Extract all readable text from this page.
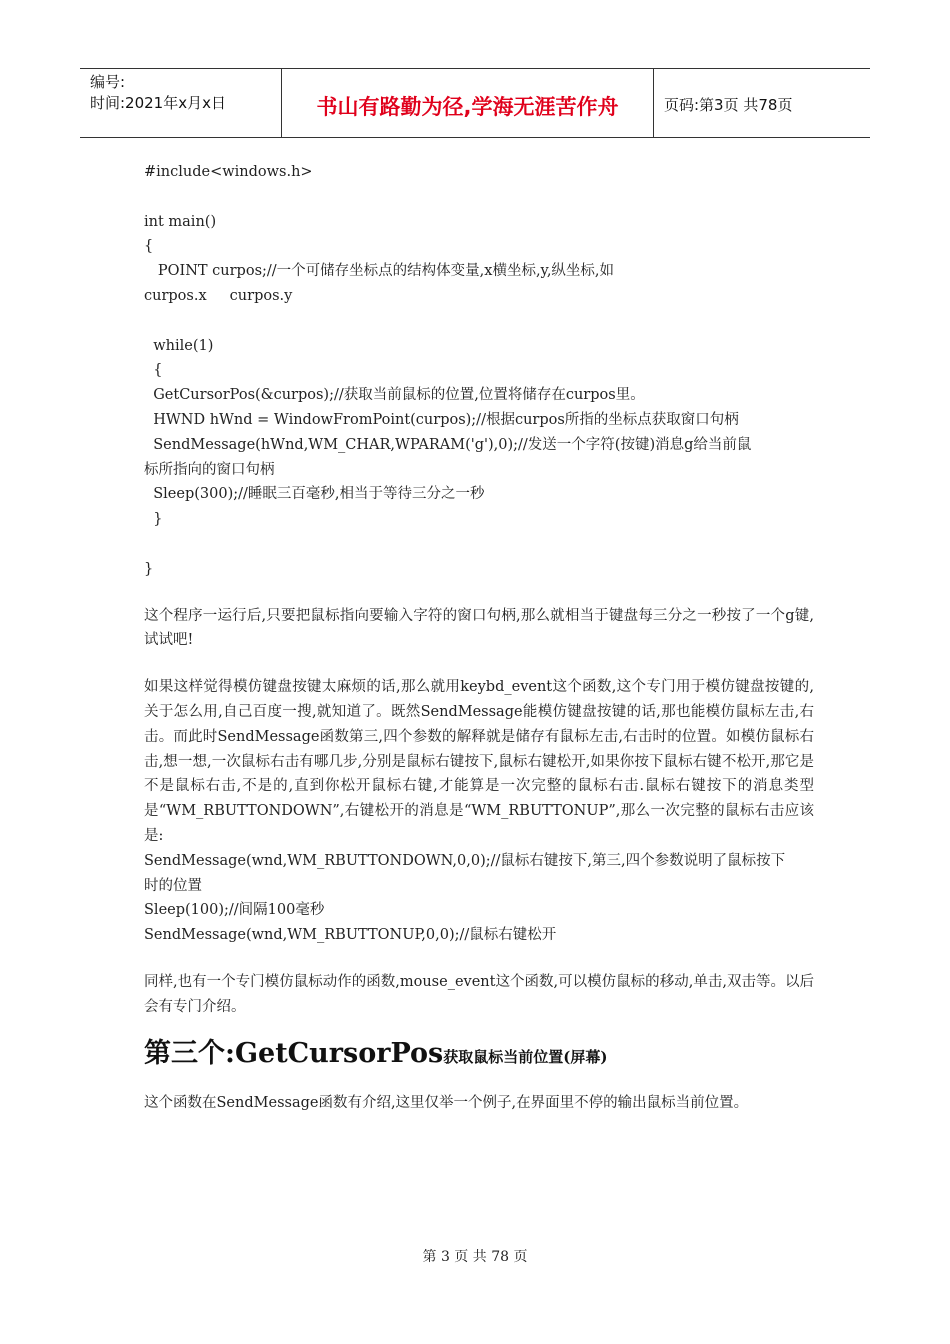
编号:
时间:2021年x月x日	书山有路勤为径,学海无涯苦作舟	页码:第3页 共78页
#include<windows.h>

int main()
{
POINT curpos;//一个可储存坐标点的结构体变量,x横坐标,y,纵坐标,如
curpos.x     curpos.y

while(1)
{
GetCursorPos(&curpos);//获取当前鼠标的位置,位置将储存在curpos里。
HWND hWnd = WindowFromPoint(curpos);//根据curpos所指的坐标点获取窗口句柄
SendMessage(hWnd,WM_CHAR,WPARAM('g'),0);//发送一个字符(按键)消息g给当前鼠
标所指向的窗口句柄
Sleep(300);//睡眠三百毫秒,相当于等待三分之一秒
}

}
这个程序一运行后,只要把鼠标指向要输入字符的窗口句柄,那么就相当于键盘每三分之一秒按了一个g键,试试吧!
如果这样觉得模仿键盘按键太麻烦的话,那么就用keybd_event这个函数,这个专门用于模仿键盘按键的,关于怎么用,自己百度一搜,就知道了。既然SendMessage能模仿键盘按键的话,那也能模仿鼠标左击,右击。而此时SendMessage函数第三,四个参数的解释就是储存有鼠标左击,右击时的位置。如模仿鼠标右击,想一想,一次鼠标右击有哪几步,分别是鼠标右键按下,鼠标右键松开,如果你按下鼠标右键不松开,那它是不是鼠标右击,不是的,直到你松开鼠标右键,才能算是一次完整的鼠标右击.鼠标右键按下的消息类型是“WM_RBUTTONDOWN”,右键松开的消息是“WM_RBUTTONUP”,那么一次完整的鼠标右击应该是:
SendMessage(wnd,WM_RBUTTONDOWN,0,0);//鼠标右键按下,第三,四个参数说明了鼠标按下
时的位置
Sleep(100);//间隔100毫秒
SendMessage(wnd,WM_RBUTTONUP,0,0);//鼠标右键松开
同样,也有一个专门模仿鼠标动作的函数,mouse_event这个函数,可以模仿鼠标的移动,单击,双击等。以后会有专门介绍。
第三个:GetCursorPos获取鼠标当前位置(屏幕)
这个函数在SendMessage函数有介绍,这里仅举一个例子,在界面里不停的输出鼠标当前位置。
第 3 页 共 78 页
